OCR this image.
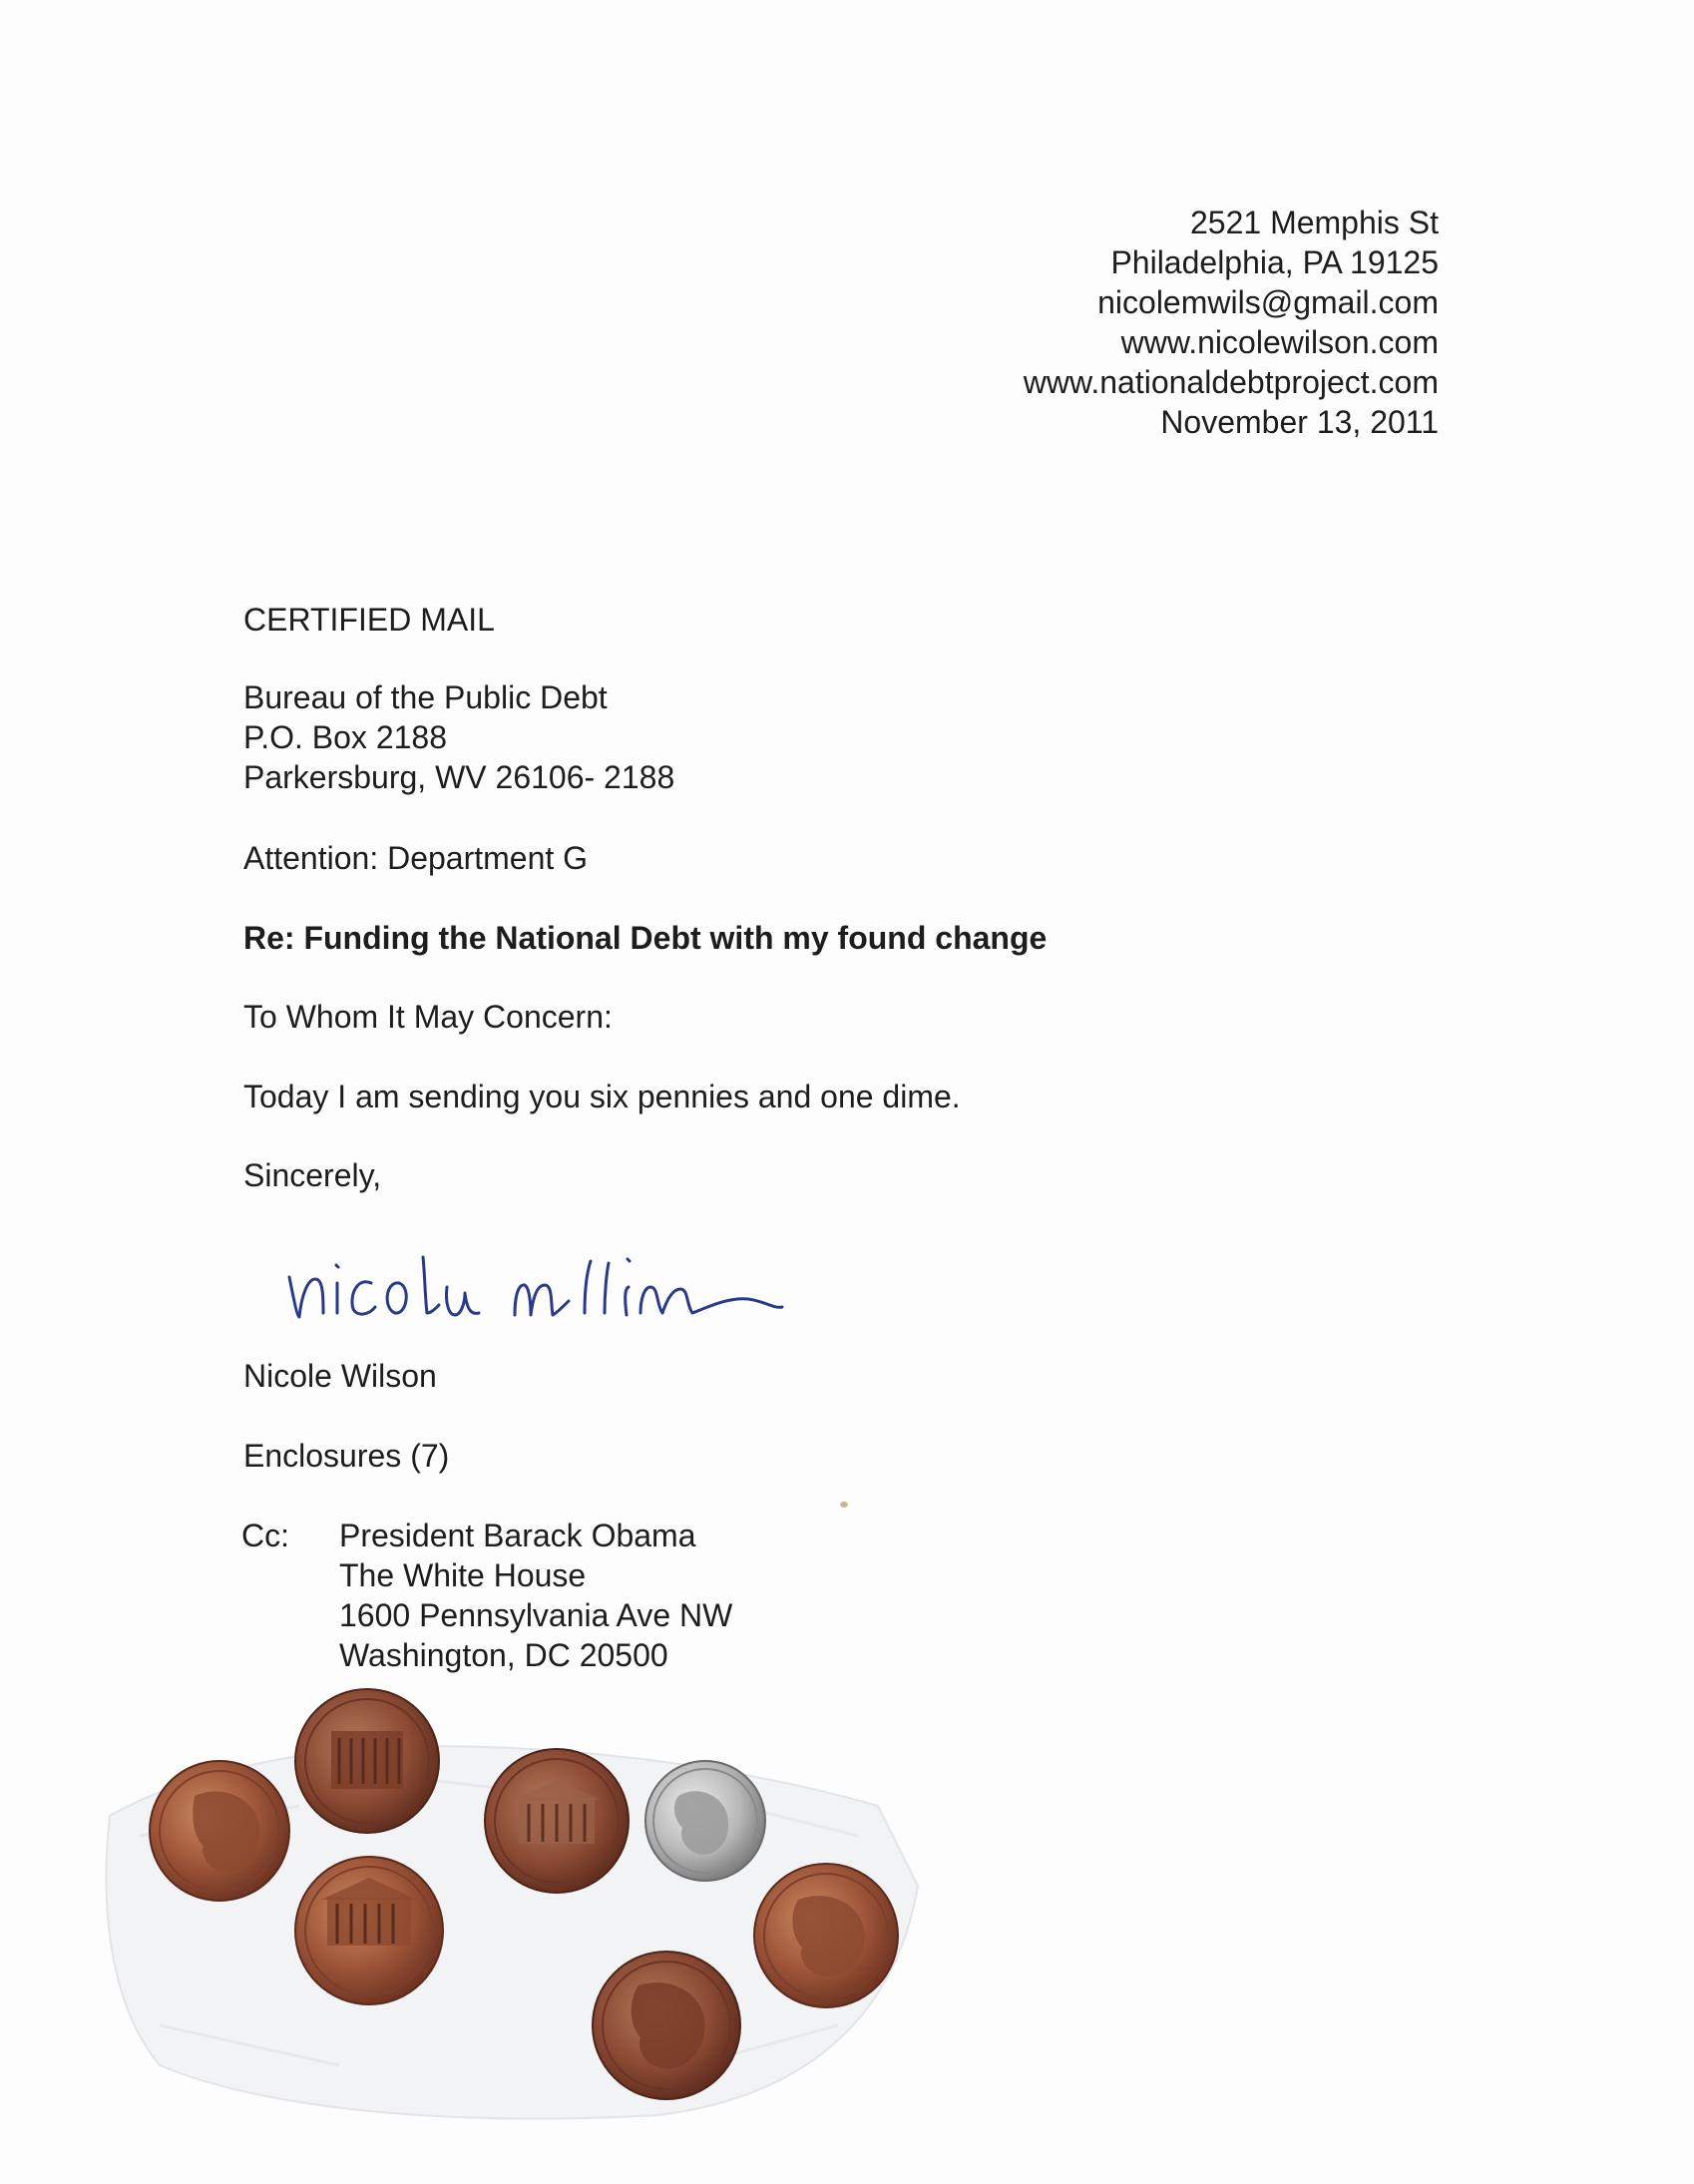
2521 Memphis St
Philadelphia, PA 19125
nicolemwils@gmail.com
www.nicolewilson.com
www.nationaldebtproject.com
November 13, 2011
CERTIFIED MAIL
Bureau of the Public Debt
P.O. Box 2188
Parkersburg, WV 26106- 2188
Attention: Department G
Re: Funding the National Debt with my found change
To Whom It May Concern:
Today I am sending you six pennies and one dime.
Sincerely,
Nicole Wilson
Enclosures (7)
Cc: President Barack Obama
The White House
1600 Pennsylvania Ave NW
Washington, DC 20500
